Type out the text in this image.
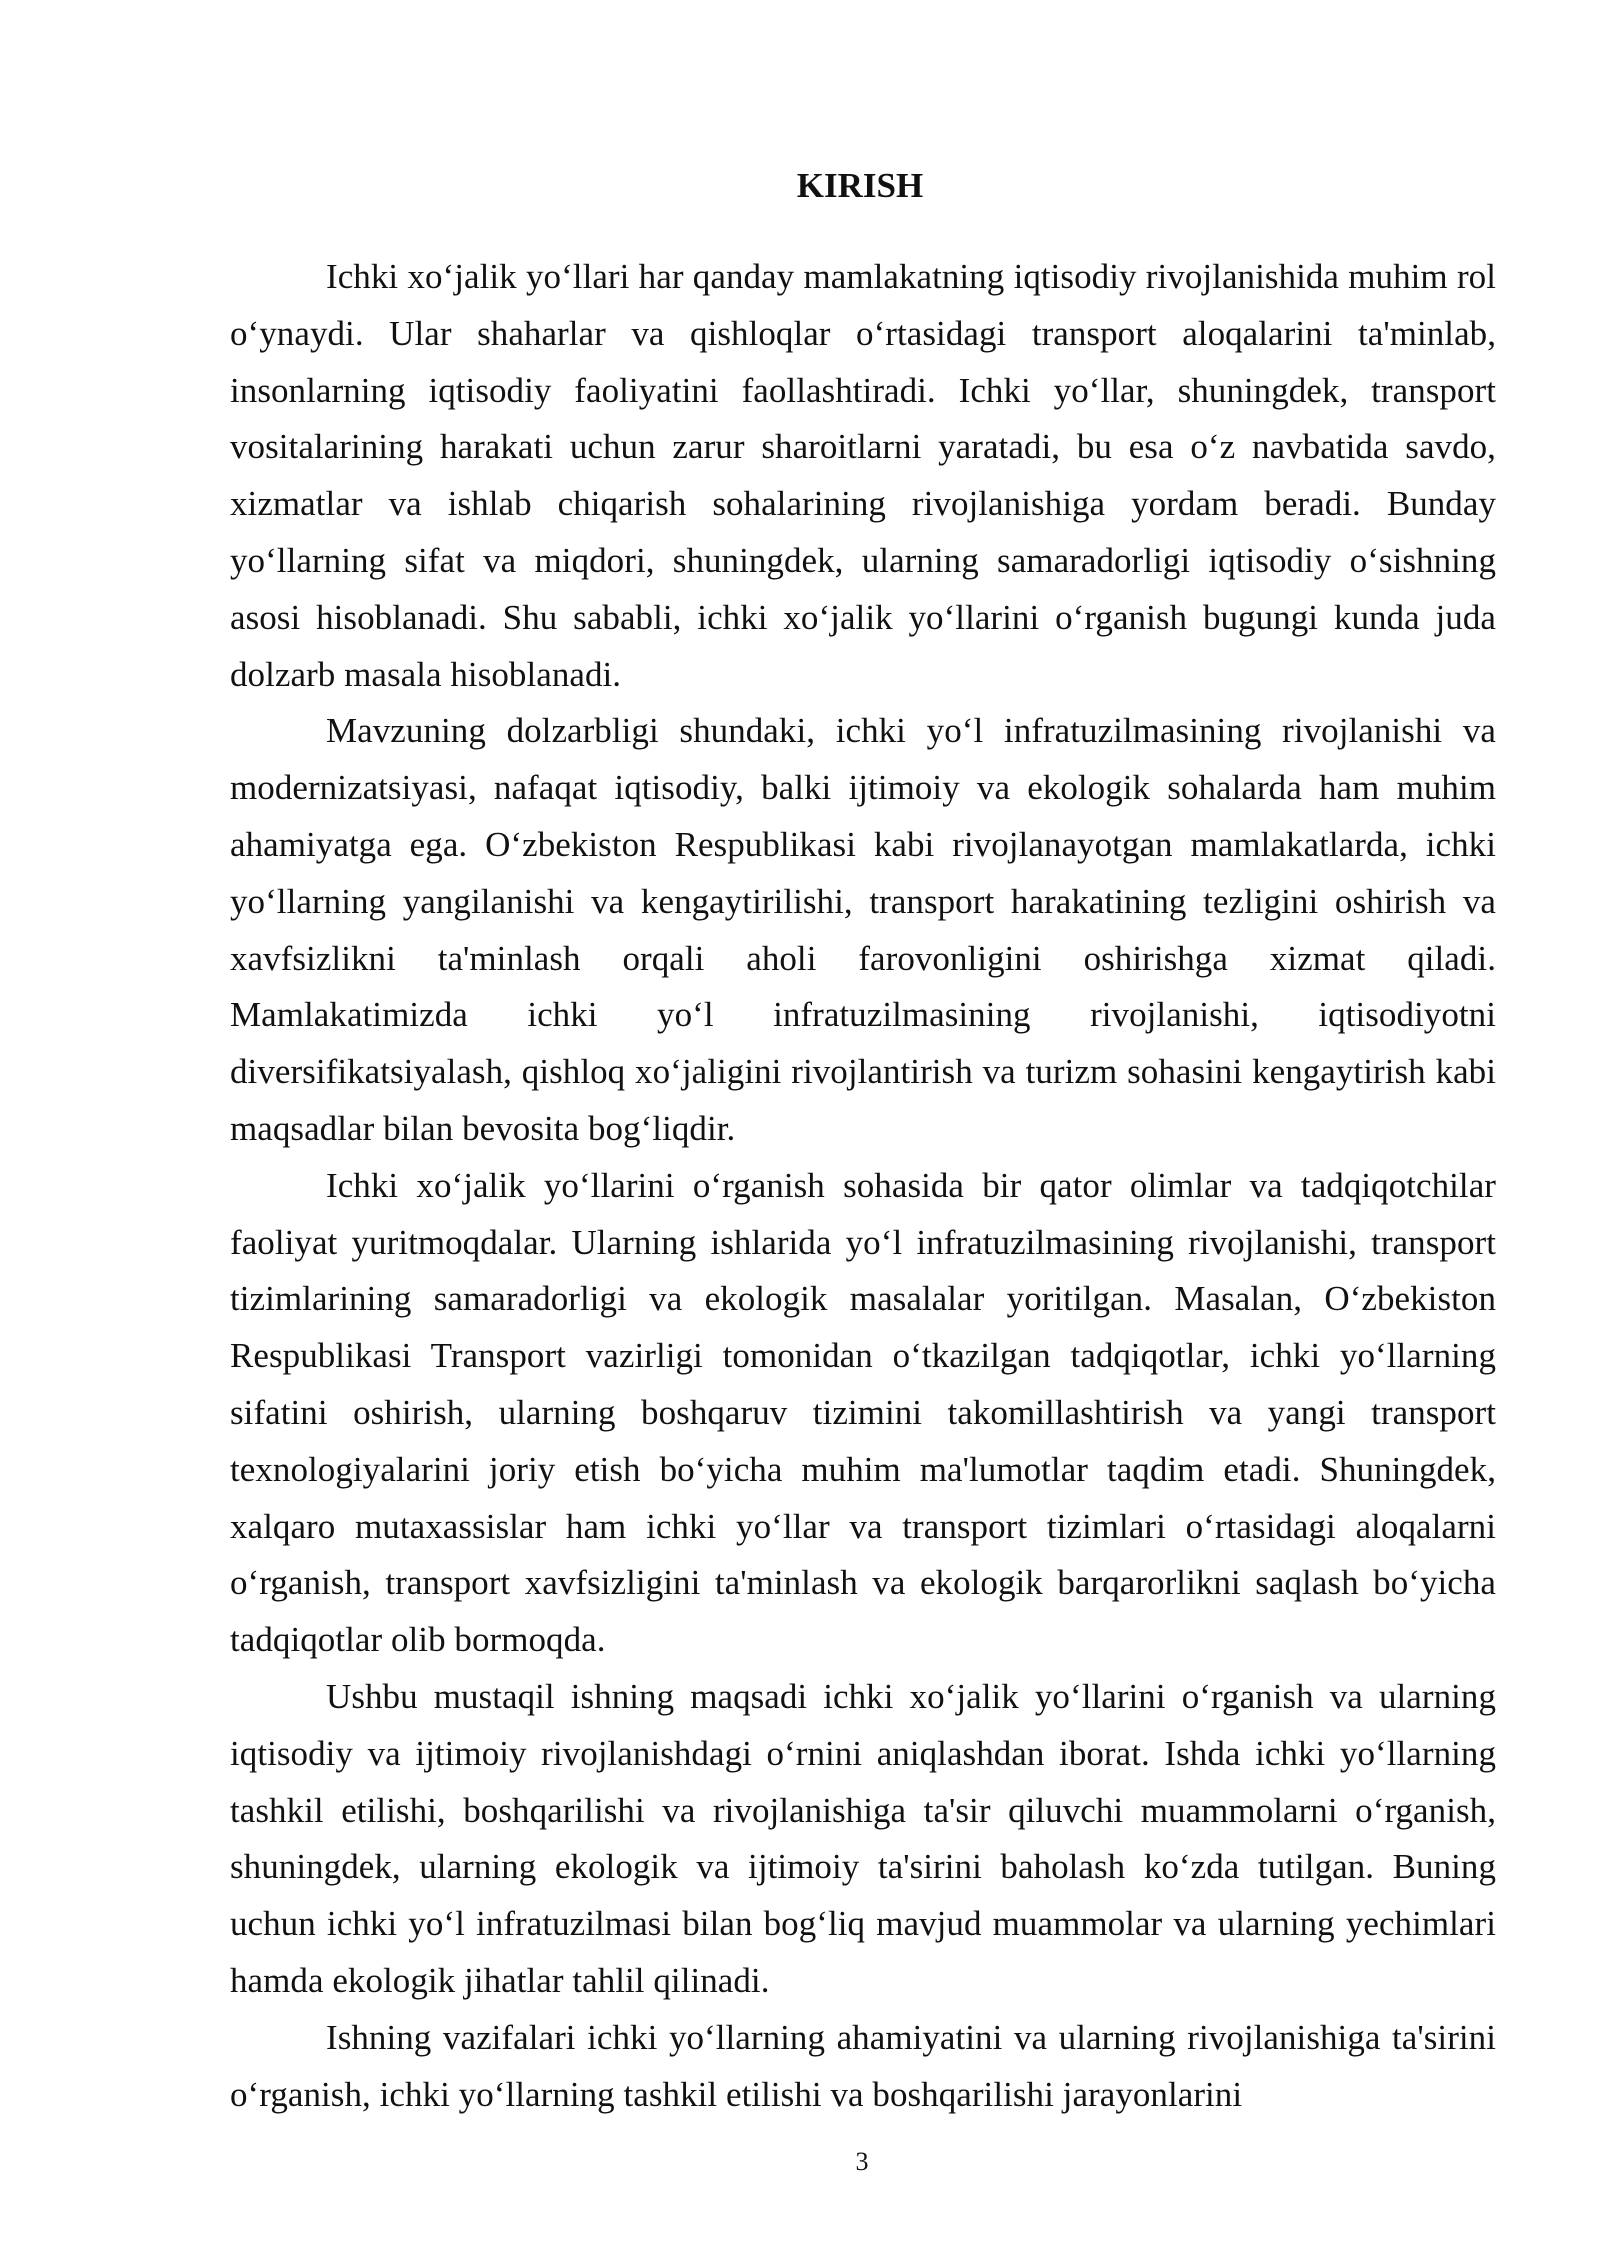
KIRISH

Ichki xo‘jalik yo‘llari har qanday mamlakatning iqtisodiy rivojlanishida muhim rol o‘ynaydi. Ular shaharlar va qishloqlar o‘rtasidagi transport aloqalarini ta'minlab, insonlarning iqtisodiy faoliyatini faollashtiradi. Ichki yo‘llar, shuningdek, transport vositalarining harakati uchun zarur sharoitlarni yaratadi, bu esa o‘z navbatida savdo, xizmatlar va ishlab chiqarish sohalarining rivojlanishiga yordam beradi. Bunday yo‘llarning sifat va miqdori, shuningdek, ularning samaradorligi iqtisodiy o‘sishning asosi hisoblanadi. Shu sababli, ichki xo‘jalik yo‘llarini o‘rganish bugungi kunda juda dolzarb masala hisoblanadi.

Mavzuning dolzarbligi shundaki, ichki yo‘l infratuzilmasining rivojlanishi va modernizatsiyasi, nafaqat iqtisodiy, balki ijtimoiy va ekologik sohalarda ham muhim ahamiyatga ega. O‘zbekiston Respublikasi kabi rivojlanayotgan mamlakatlarda, ichki yo‘llarning yangilanishi va kengaytirilishi, transport harakatining tezligini oshirish va xavfsizlikni ta'minlash orqali aholi farovonligini oshirishga xizmat qiladi. Mamlakatimizda ichki yo‘l infratuzilmasining rivojlanishi, iqtisodiyotni diversifikatsiyalash, qishloq xo‘jaligini rivojlantirish va turizm sohasini kengaytirish kabi maqsadlar bilan bevosita bog‘liqdir.

Ichki xo‘jalik yo‘llarini o‘rganish sohasida bir qator olimlar va tadqiqotchilar faoliyat yuritmoqdalar. Ularning ishlarida yo‘l infratuzilmasining rivojlanishi, transport tizimlarining samaradorligi va ekologik masalalar yoritilgan. Masalan, O‘zbekiston Respublikasi Transport vazirligi tomonidan o‘tkazilgan tadqiqotlar, ichki yo‘llarning sifatini oshirish, ularning boshqaruv tizimini takomillashtirish va yangi transport texnologiyalarini joriy etish bo‘yicha muhim ma'lumotlar taqdim etadi. Shuningdek, xalqaro mutaxassislar ham ichki yo‘llar va transport tizimlari o‘rtasidagi aloqalarni o‘rganish, transport xavfsizligini ta'minlash va ekologik barqarorlikni saqlash bo‘yicha tadqiqotlar olib bormoqda.

Ushbu mustaqil ishning maqsadi ichki xo‘jalik yo‘llarini o‘rganish va ularning iqtisodiy va ijtimoiy rivojlanishdagi o‘rnini aniqlashdan iborat. Ishda ichki yo‘llarning tashkil etilishi, boshqarilishi va rivojlanishiga ta'sir qiluvchi muammolarni o‘rganish, shuningdek, ularning ekologik va ijtimoiy ta'sirini baholash ko‘zda tutilgan. Buning uchun ichki yo‘l infratuzilmasi bilan bog‘liq mavjud muammolar va ularning yechimlari hamda ekologik jihatlar tahlil qilinadi.

Ishning vazifalari ichki yo‘llarning ahamiyatini va ularning rivojlanishiga ta'sirini o‘rganish, ichki yo‘llarning tashkil etilishi va boshqarilishi jarayonlarini

3
